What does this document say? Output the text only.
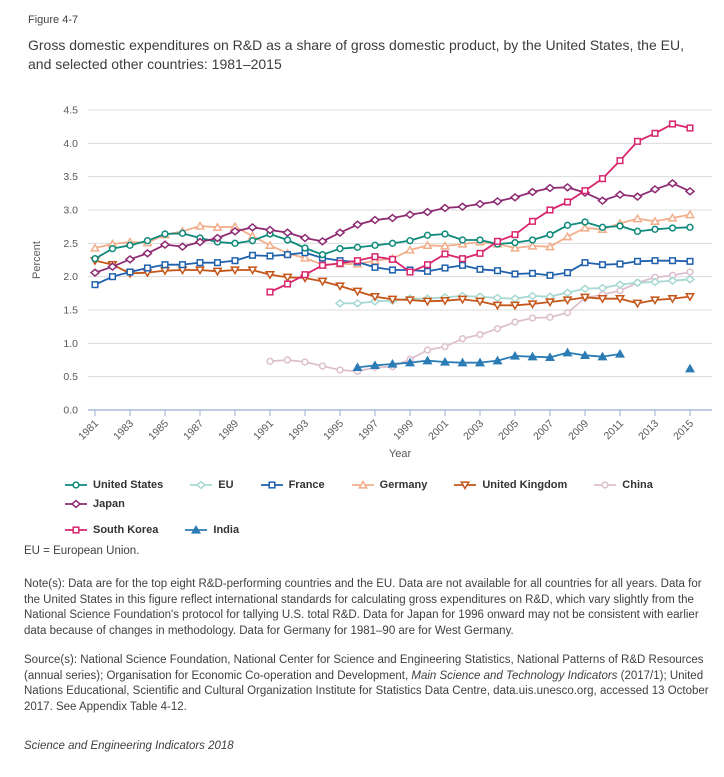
Figure 4-7
Gross domestic expenditures on R&D as a share of gross domestic product, by the United States, the EU,
and selected other countries: 1981–2015
0.0
0.5
1.0
1.5
2.0
2.5
3.0
3.5
4.0
4.5
1981 1983 1985 1987 1989 1991 1993 1995 1997 1999 2001 2003 2005 2007 2009 2011 2013 2015
Percent
Year
United States	EU	France	Germany	United Kingdom	China
Japan
South Korea	India
EU = European Union.
Note(s): Data are for the top eight R&D-performing countries and the EU. Data are not available for all countries for all years. Data for the United States in this figure reflect international standards for calculating gross expenditures on R&D, which vary slightly from the National Science Foundation's protocol for tallying U.S. total R&D. Data for Japan for 1996 onward may not be consistent with earlier data because of changes in methodology. Data for Germany for 1981–90 are for West Germany.
Source(s): National Science Foundation, National Center for Science and Engineering Statistics, National Patterns of R&D Resources (annual series); Organisation for Economic Co-operation and Development, Main Science and Technology Indicators (2017/1); United Nations Educational, Scientific and Cultural Organization Institute for Statistics Data Centre, data.uis.unesco.org, accessed 13 October 2017. See Appendix Table 4-12.
Science and Engineering Indicators 2018
